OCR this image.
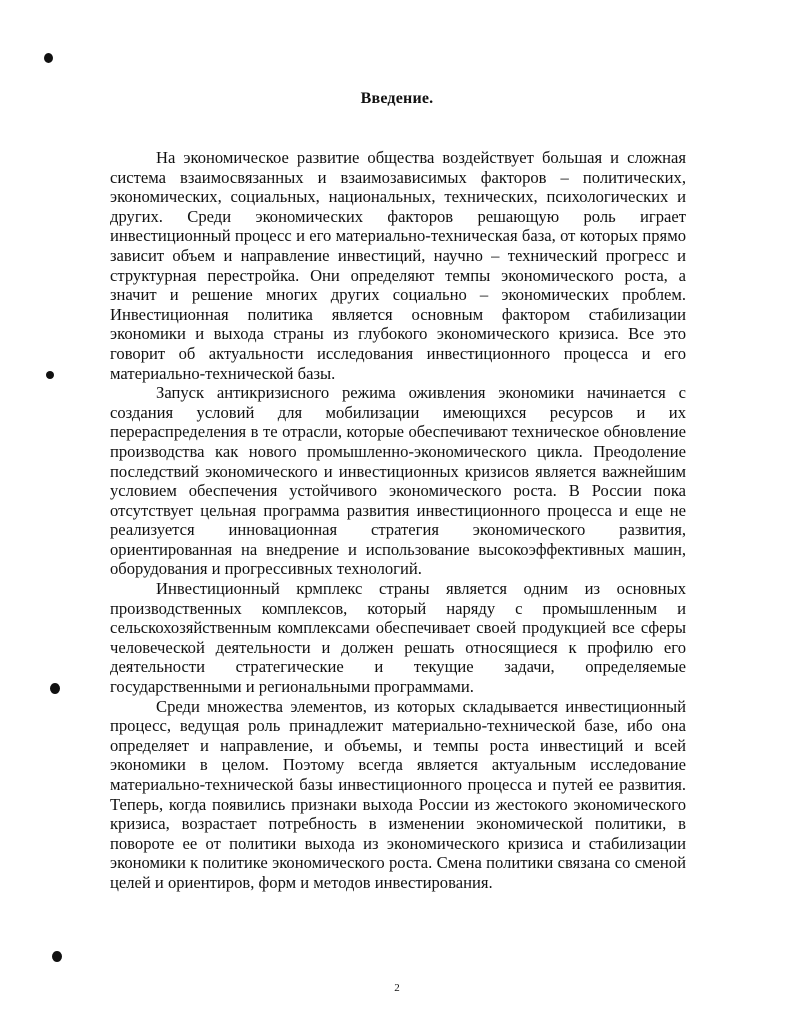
Введение.

На экономическое развитие общества воздействует большая и сложная система взаимосвязанных и взаимозависимых факторов – политических, экономических, социальных, национальных, технических, психологических и других. Среди экономических факторов решающую роль играет инвестиционный процесс и его материально-техническая база, от которых прямо зависит объем и направление инвестиций, научно – технический прогресс и структурная перестройка. Они определяют темпы экономического роста, а значит и решение многих других социально – экономических проблем. Инвестиционная политика является основным фактором стабилизации экономики и выхода страны из глубокого экономического кризиса. Все это говорит об актуальности исследования инвестиционного процесса и его материально-технической базы.

Запуск антикризисного режима оживления экономики начинается с создания условий для мобилизации имеющихся ресурсов и их перераспределения в те отрасли, которые обеспечивают техническое обновление производства как нового промышленно-экономического цикла. Преодоление последствий экономического и инвестиционных кризисов является важнейшим условием обеспечения устойчивого экономического роста. В России пока отсутствует цельная программа развития инвестиционного процесса и еще не реализуется инновационная стратегия экономического развития, ориентированная на внедрение и использование высокоэффективных машин, оборудования и прогрессивных технологий.

Инвестиционный крмплекс страны является одним из основных производственных комплексов, который наряду с промышленным и сельскохозяйственным комплексами обеспечивает своей продукцией все сферы человеческой деятельности и должен решать относящиеся к профилю его деятельности стратегические и текущие задачи, определяемые государственными и региональными программами.

Среди множества элементов, из которых складывается инвестиционный процесс, ведущая роль принадлежит материально-технической базе, ибо она определяет и направление, и объемы, и темпы роста инвестиций и всей экономики в целом. Поэтому всегда является актуальным исследование материально-технической базы инвестиционного процесса и путей ее развития. Теперь, когда появились признаки выхода России из жестокого экономического кризиса, возрастает потребность в изменении экономической политики, в повороте ее от политики выхода из экономического кризиса и стабилизации экономики к политике экономического роста. Смена политики связана со сменой целей и ориентиров, форм и методов инвестирования.

2
